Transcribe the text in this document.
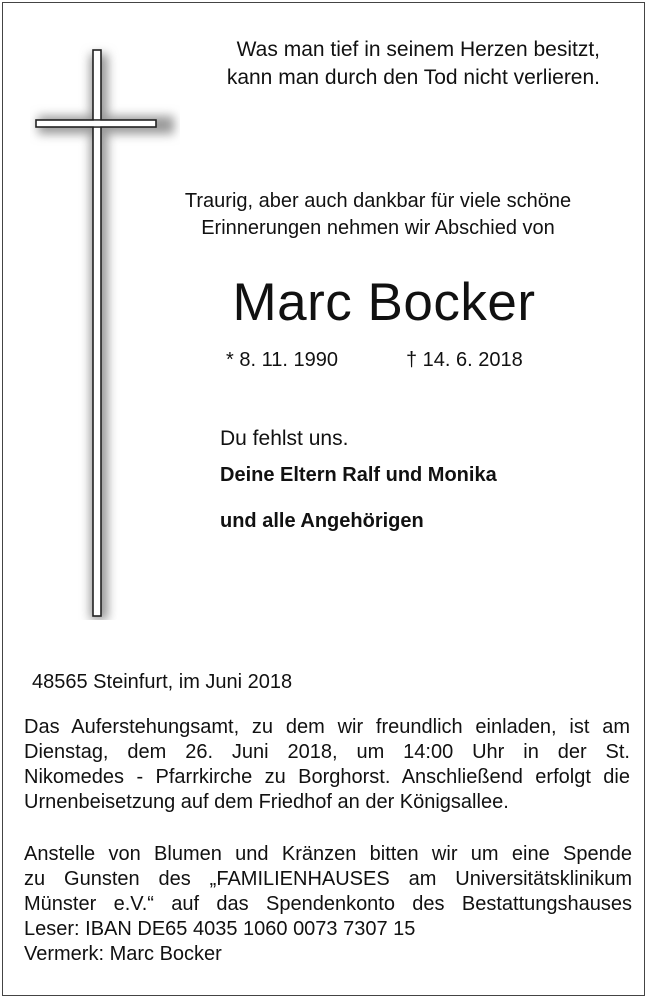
Was man tief in seinem Herzen besitzt,
kann man durch den Tod nicht verlieren.
Traurig, aber auch dankbar für viele schöne
Erinnerungen nehmen wir Abschied von
Marc Bocker
* 8. 11. 1990	† 14. 6. 2018
Du fehlst uns.
Deine Eltern Ralf und Monika
und alle Angehörigen
48565 Steinfurt, im Juni 2018
Das Auferstehungsamt, zu dem wir freundlich einladen, ist am
Dienstag, dem 26. Juni 2018, um 14:00 Uhr in der St.
Nikomedes - Pfarrkirche zu Borghorst. Anschließend erfolgt die
Urnenbeisetzung auf dem Friedhof an der Königsallee.
Anstelle von Blumen und Kränzen bitten wir um eine Spende
zu Gunsten des „FAMILIENHAUSES am Universitätsklinikum
Münster e.V.“ auf das Spendenkonto des Bestattungshauses
Leser: IBAN DE65 4035 1060 0073 7307 15
Vermerk: Marc Bocker
